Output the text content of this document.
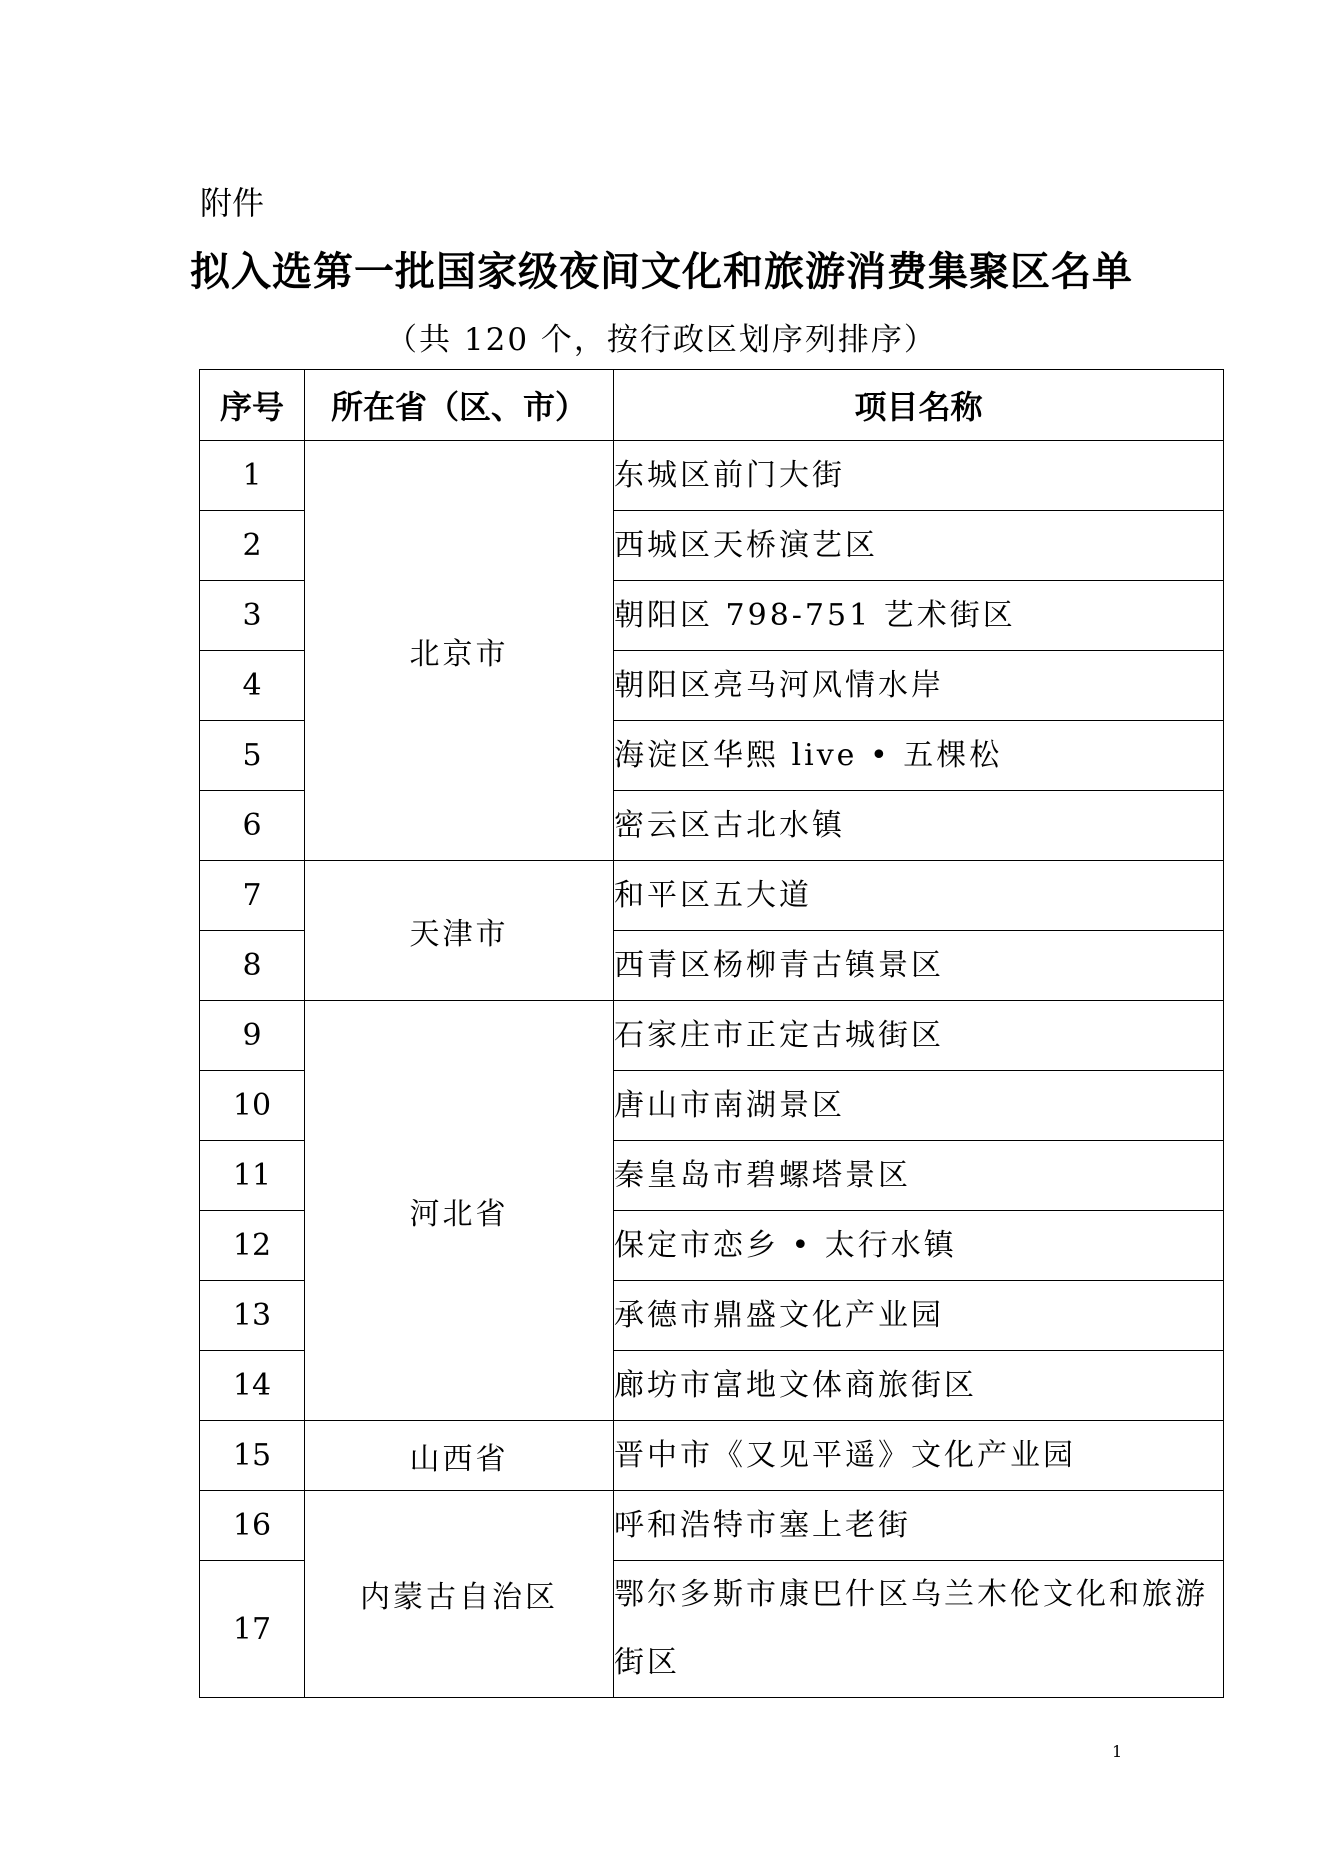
附件
拟入选第一批国家级夜间文化和旅游消费集聚区名单
（共 120 个，按行政区划序列排序）
序号	所在省（区、市）	项目名称
1	北京市	东城区前门大街
2		西城区天桥演艺区
3		朝阳区 798-751 艺术街区
4		朝阳区亮马河风情水岸
5		海淀区华熙 live • 五棵松
6		密云区古北水镇
7	天津市	和平区五大道
8		西青区杨柳青古镇景区
9	河北省	石家庄市正定古城街区
10		唐山市南湖景区
11		秦皇岛市碧螺塔景区
12		保定市恋乡 • 太行水镇
13		承德市鼎盛文化产业园
14		廊坊市富地文体商旅街区
15	山西省	晋中市《又见平遥》文化产业园
16	内蒙古自治区	呼和浩特市塞上老街
17		鄂尔多斯市康巴什区乌兰木伦文化和旅游街区
1
